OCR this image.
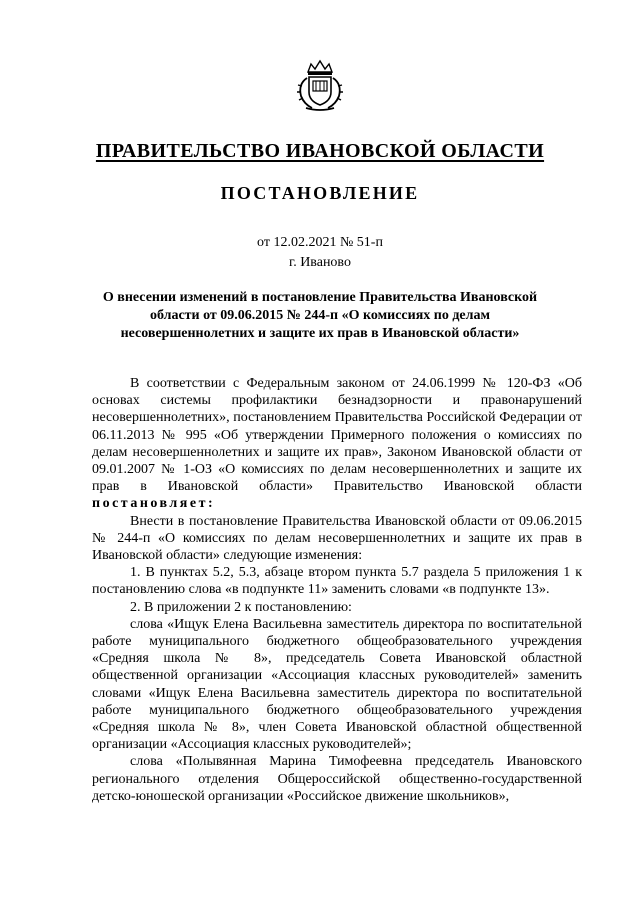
ПРАВИТЕЛЬСТВО ИВАНОВСКОЙ ОБЛАСТИ
ПОСТАНОВЛЕНИЕ
от 12.02.2021 № 51-п
г. Иваново
О внесении изменений в постановление Правительства Ивановской области от 09.06.2015 № 244-п «О комиссиях по делам несовершеннолетних и защите их прав в Ивановской области»

В соответствии с Федеральным законом от 24.06.1999 № 120-ФЗ «Об основах системы профилактики безнадзорности и правонарушений несовершеннолетних», постановлением Правительства Российской Федерации от 06.11.2013 № 995 «Об утверждении Примерного положения о комиссиях по делам несовершеннолетних и защите их прав», Законом Ивановской области от 09.01.2007 № 1-ОЗ «О комиссиях по делам несовершеннолетних и защите их прав в Ивановской области» Правительство Ивановской области постановляет:

Внести в постановление Правительства Ивановской области от 09.06.2015 № 244-п «О комиссиях по делам несовершеннолетних и защите их прав в Ивановской области» следующие изменения:

1. В пунктах 5.2, 5.3, абзаце втором пункта 5.7 раздела 5 приложения 1 к постановлению слова «в подпункте 11» заменить словами «в подпункте 13».

2. В приложении 2 к постановлению:

слова «Ищук Елена Васильевна заместитель директора по воспитательной работе муниципального бюджетного общеобразовательного учреждения «Средняя школа № 8», председатель Совета Ивановской областной общественной организации «Ассоциация классных руководителей» заменить словами «Ищук Елена Васильевна заместитель директора по воспитательной работе муниципального бюджетного общеобразовательного учреждения «Средняя школа № 8», член Совета Ивановской областной общественной организации «Ассоциация классных руководителей»;

слова «Полывянная Марина Тимофеевна председатель Ивановского регионального отделения Общероссийской общественно-государственной детско-юношеской организации «Российское движение школьников»,
